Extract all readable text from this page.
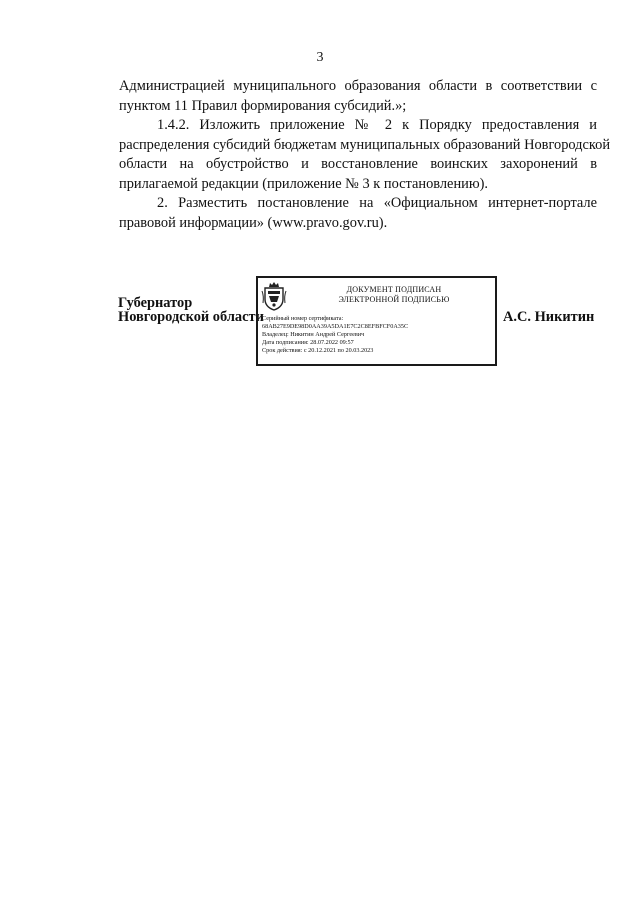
3
Администрацией муниципального образования области в соответствии с
пунктом 11 Правил формирования субсидий.»;
1.4.2. Изложить приложение № 2 к Порядку предоставления и
распределения субсидий бюджетам муниципальных образований Новгородской
области на обустройство и восстановление воинских захоронений в
прилагаемой редакции (приложение № 3 к постановлению).
2. Разместить постановление на «Официальном интернет-портале
правовой информации» (www.pravo.gov.ru).
Губернатор
Новгородской области
ДОКУМЕНТ ПОДПИСАН
ЭЛЕКТРОННОЙ ПОДПИСЬЮ
Серийный номер сертификата:
68AB27E9DE98D0AA39A5DA1E7C2C8EFBFCF0A35C
Владелец: Никитин Андрей Сергеевич
Дата подписания: 28.07.2022 09:57
Срок действия: с 20.12.2021 по 20.03.2023
А.С. Никитин
